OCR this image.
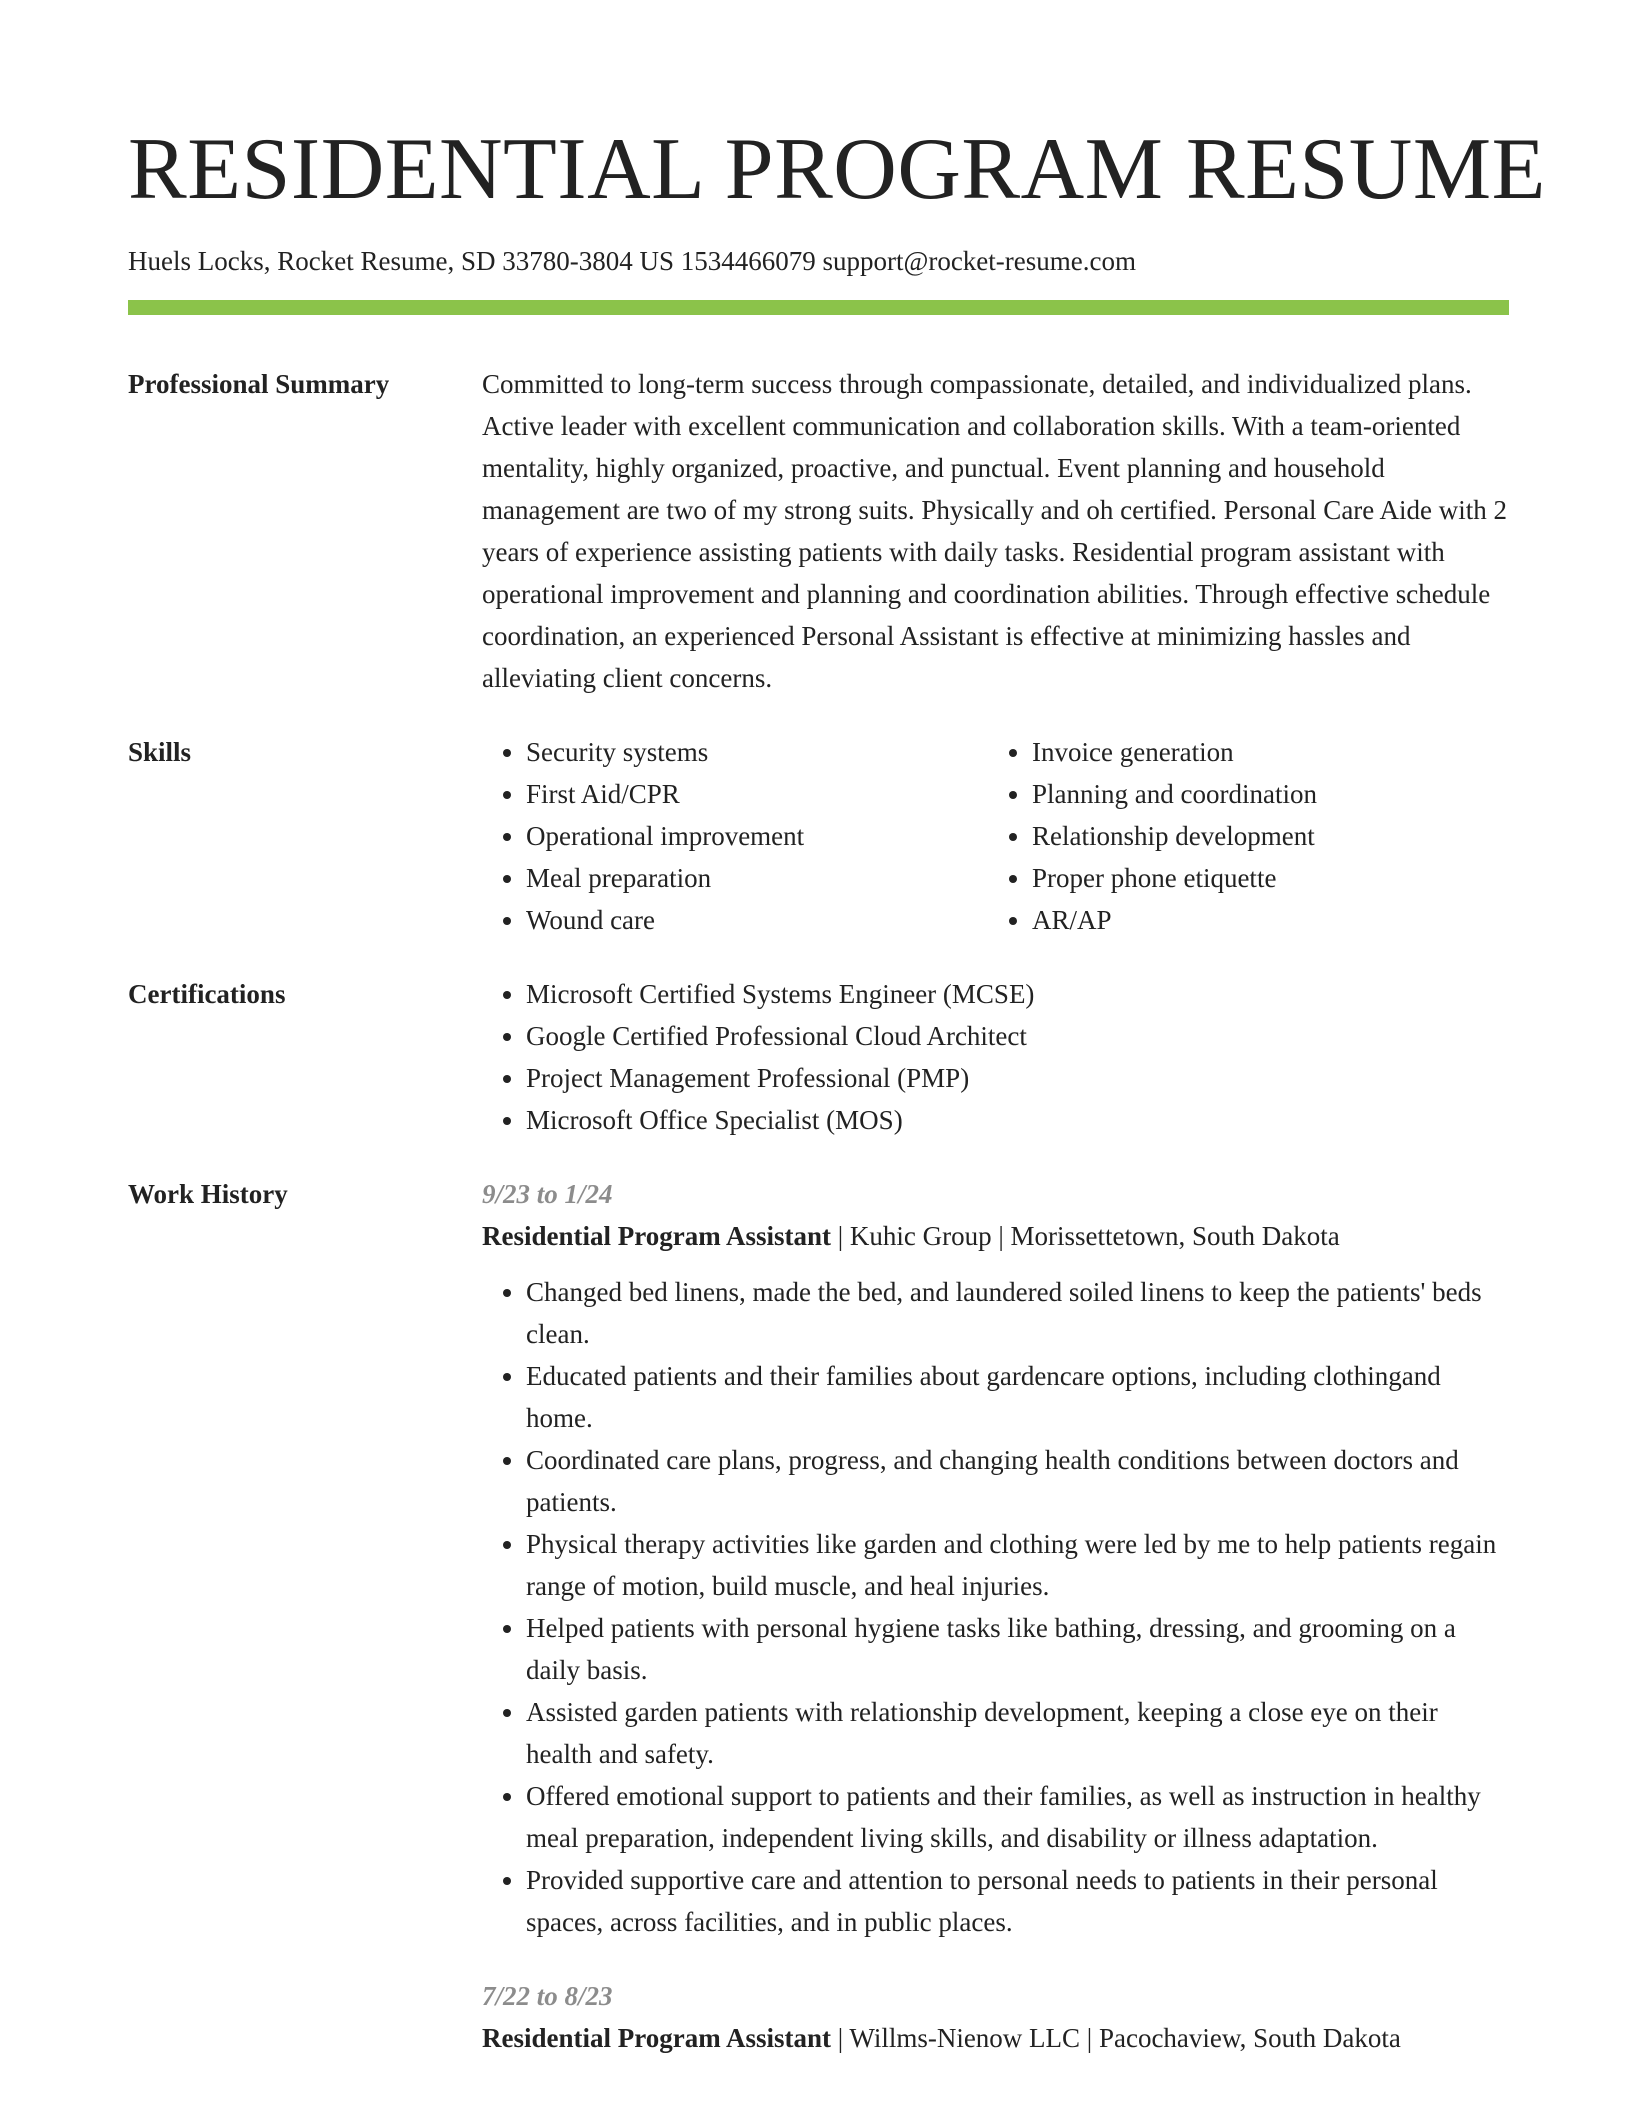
RESIDENTIAL PROGRAM RESUME
Huels Locks, Rocket Resume, SD 33780-3804 US 1534466079 support@rocket-resume.com
Professional Summary	Committed to long-term success through compassionate, detailed, and individualized plans. Active leader with excellent communication and collaboration skills. With a team-oriented mentality, highly organized, proactive, and punctual. Event planning and household management are two of my strong suits. Physically and oh certified. Personal Care Aide with 2 years of experience assisting patients with daily tasks. Residential program assistant with operational improvement and planning and coordination abilities. Through effective schedule coordination, an experienced Personal Assistant is effective at minimizing hassles and alleviating client concerns.
Skills	• Security systems
• First Aid/CPR
• Operational improvement
• Meal preparation
• Wound care
• Invoice generation
• Planning and coordination
• Relationship development
• Proper phone etiquette
• AR/AP
Certifications	• Microsoft Certified Systems Engineer (MCSE)
• Google Certified Professional Cloud Architect
• Project Management Professional (PMP)
• Microsoft Office Specialist (MOS)
Work History	9/23 to 1/24
Residential Program Assistant | Kuhic Group | Morissettetown, South Dakota
• Changed bed linens, made the bed, and laundered soiled linens to keep the patients' beds clean.
• Educated patients and their families about gardencare options, including clothingand home.
• Coordinated care plans, progress, and changing health conditions between doctors and patients.
• Physical therapy activities like garden and clothing were led by me to help patients regain range of motion, build muscle, and heal injuries.
• Helped patients with personal hygiene tasks like bathing, dressing, and grooming on a daily basis.
• Assisted garden patients with relationship development, keeping a close eye on their health and safety.
• Offered emotional support to patients and their families, as well as instruction in healthy meal preparation, independent living skills, and disability or illness adaptation.
• Provided supportive care and attention to personal needs to patients in their personal spaces, across facilities, and in public places.
7/22 to 8/23
Residential Program Assistant | Willms-Nienow LLC | Pacochaview, South Dakota
